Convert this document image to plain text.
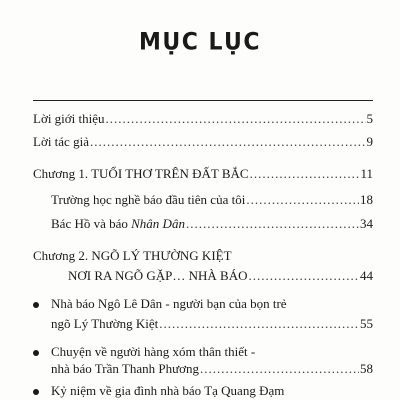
MỤC LỤC
Lời giới thiệu .....	5
Lời tác giả .....	9
Chương 1. TUỔI THƠ TRÊN ĐẤT BẮC .....	11
Trường học nghề báo đầu tiên của tôi .....	18
Bác Hồ và báo Nhân Dân .....	34
Chương 2. NGÕ LÝ THƯỜNG KIỆT
NƠI RA NGÕ GẶP… NHÀ BÁO .....	44
Nhà báo Ngô Lê Dân - người bạn của bọn trẻ
ngõ Lý Thường Kiệt .....	55
Chuyện về người hàng xóm thân thiết -
nhà báo Trần Thanh Phương .....	58
Kỷ niệm về gia đình nhà báo Tạ Quang Đạm
